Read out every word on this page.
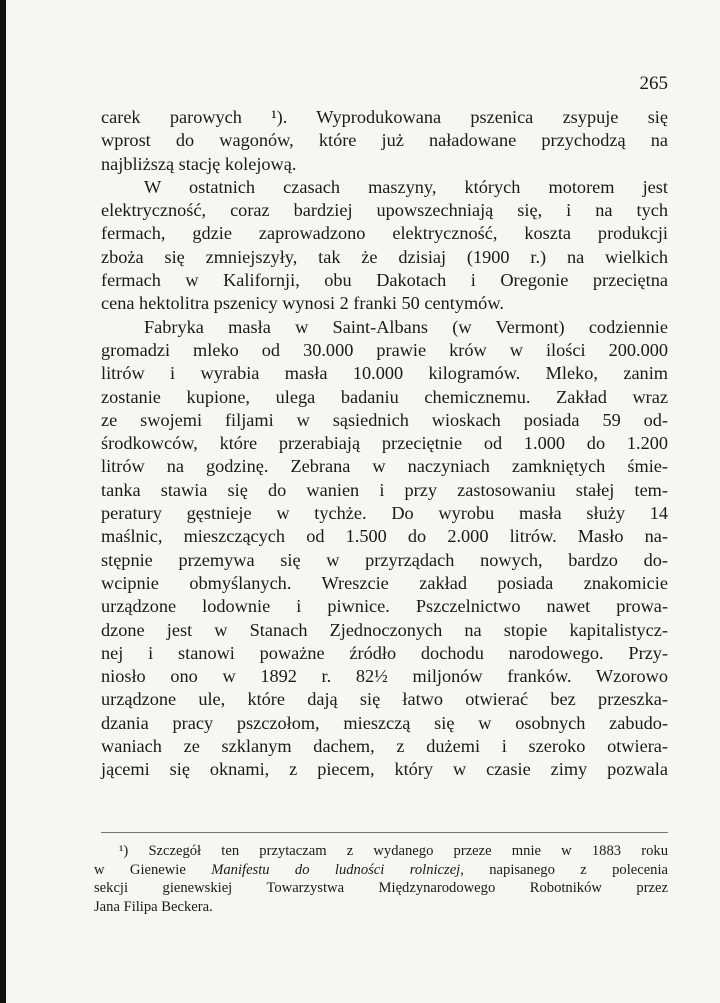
265
carek parowych ¹). Wyprodukowana pszenica zsypuje się
wprost do wagonów, które już naładowane przychodzą na
najbliższą stację kolejową.
W ostatnich czasach maszyny, których motorem jest
elektryczność, coraz bardziej upowszechniają się, i na tych
fermach, gdzie zaprowadzono elektryczność, koszta produkcji
zboża się zmniejszyły, tak że dzisiaj (1900 r.) na wielkich
fermach w Kalifornji, obu Dakotach i Oregonie przeciętna
cena hektolitra pszenicy wynosi 2 franki 50 centymów.
Fabryka masła w Saint-Albans (w Vermont) codziennie
gromadzi mleko od 30.000 prawie krów w ilości 200.000
litrów i wyrabia masła 10.000 kilogramów. Mleko, zanim
zostanie kupione, ulega badaniu chemicznemu. Zakład wraz
ze swojemi filjami w sąsiednich wioskach posiada 59 od-
środkowców, które przerabiają przeciętnie od 1.000 do 1.200
litrów na godzinę. Zebrana w naczyniach zamkniętych śmie-
tanka stawia się do wanien i przy zastosowaniu stałej tem-
peratury gęstnieje w tychże. Do wyrobu masła służy 14
maślnic, mieszczących od 1.500 do 2.000 litrów. Masło na-
stępnie przemywa się w przyrządach nowych, bardzo do-
wcipnie obmyślanych. Wreszcie zakład posiada znakomicie
urządzone lodownie i piwnice. Pszczelnictwo nawet prowa-
dzone jest w Stanach Zjednoczonych na stopie kapitalistycz-
nej i stanowi poważne źródło dochodu narodowego. Przy-
niosło ono w 1892 r. 82½ miljonów franków. Wzorowo
urządzone ule, które dają się łatwo otwierać bez przeszka-
dzania pracy pszczołom, mieszczą się w osobnych zabudo-
waniach ze szklanym dachem, z dużemi i szeroko otwiera-
jącemi się oknami, z piecem, który w czasie zimy pozwala
¹) Szczegół ten przytaczam z wydanego przeze mnie w 1883 roku
w Gienewie Manifestu do ludności rolniczej, napisanego z polecenia
sekcji gienewskiej Towarzystwa Międzynarodowego Robotników przez
Jana Filipa Beckera.
